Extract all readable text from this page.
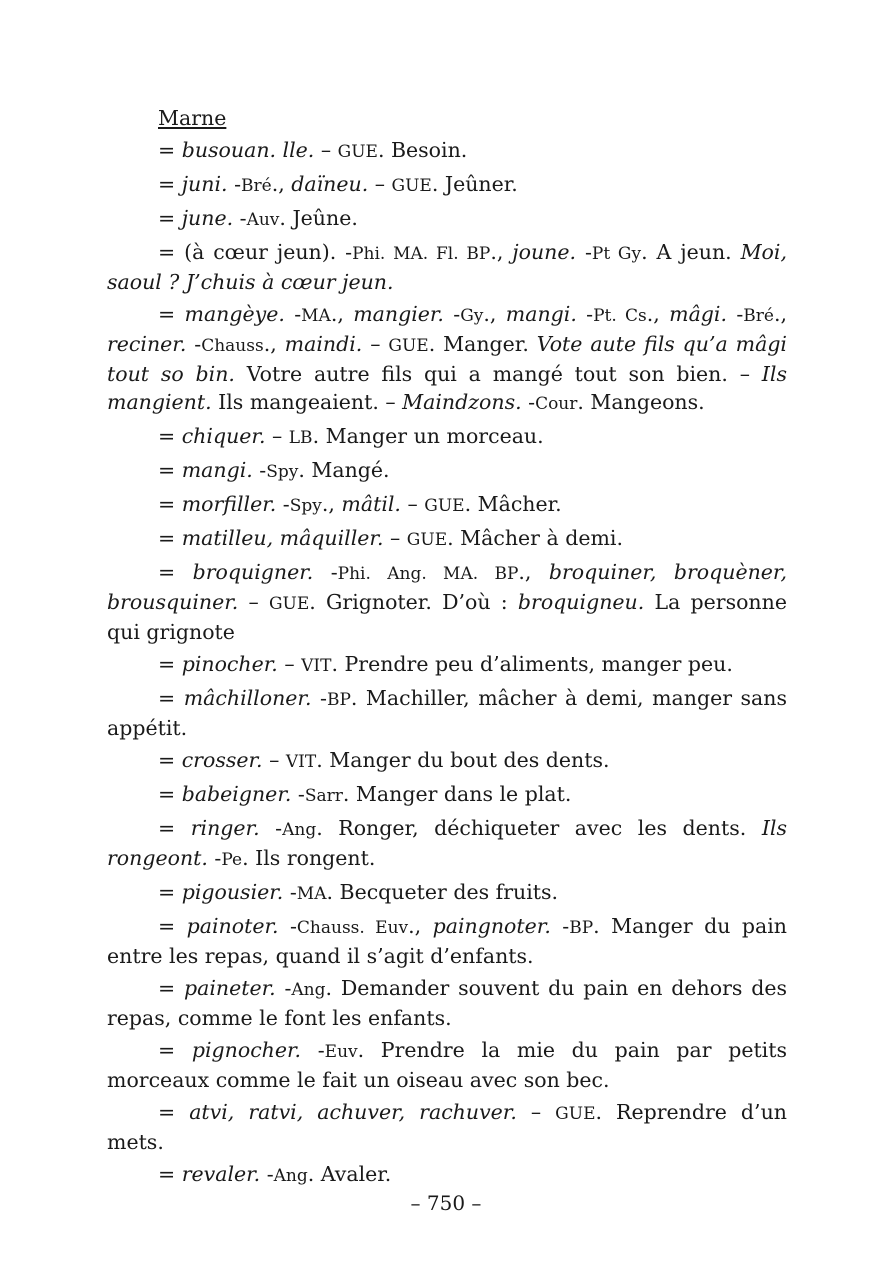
Marne

= busouan. lle. – GUE. Besoin.

= juni. -Bré., daïneu. – GUE. Jeûner.

= june. -Auv. Jeûne.

= (à cœur jeun). -Phi. MA. Fl. BP., joune. -Pt Gy. A jeun. Moi, saoul ? J’chuis à cœur jeun.

= mangèye. -MA., mangier. -Gy., mangi. -Pt. Cs., mâgi. -Bré., reciner. -Chauss., maindi. – GUE. Manger. Vote aute fils qu’a mâgi tout so bin. Votre autre fils qui a mangé tout son bien. – Ils mangient. Ils mangeaient. – Maindzons. -Cour. Mangeons.

= chiquer. – LB. Manger un morceau.

= mangi. -Spy. Mangé.

= morfiller. -Spy., mâtil. – GUE. Mâcher.

= matilleu, mâquiller. – GUE. Mâcher à demi.

= broquigner. -Phi. Ang. MA. BP., broquiner, broquèner, brousquiner. – GUE. Grignoter. D’où : broquigneu. La personne qui grignote

= pinocher. – VIT. Prendre peu d’aliments, manger peu.

= mâchilloner. -BP. Machiller, mâcher à demi, manger sans appétit.

= crosser. – VIT. Manger du bout des dents.

= babeigner. -Sarr. Manger dans le plat.

= ringer. -Ang. Ronger, déchiqueter avec les dents. Ils rongeont. -Pe. Ils rongent.

= pigousier. -MA. Becqueter des fruits.

= painoter. -Chauss. Euv., paingnoter. -BP. Manger du pain entre les repas, quand il s’agit d’enfants.

= paineter. -Ang. Demander souvent du pain en dehors des repas, comme le font les enfants.

= pignocher. -Euv. Prendre la mie du pain par petits morceaux comme le fait un oiseau avec son bec.

= atvi, ratvi, achuver, rachuver. – GUE. Reprendre d’un mets.

= revaler. -Ang. Avaler.

– 750 –
